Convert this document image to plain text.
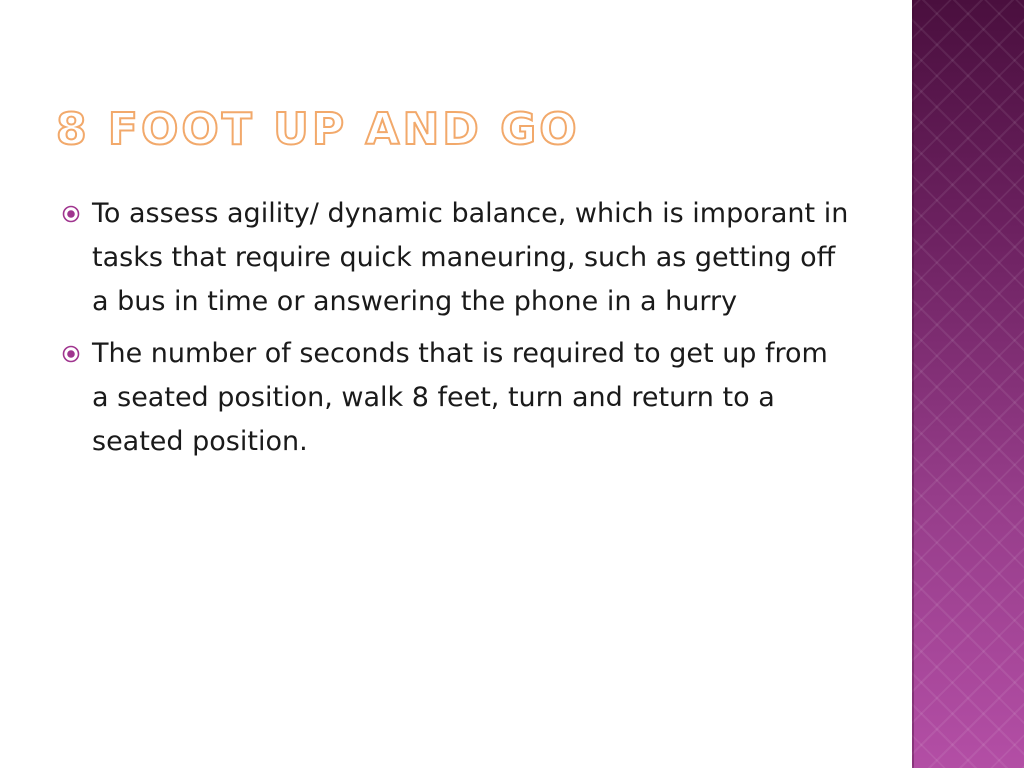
8 FOOT UP AND GO
To assess agility/ dynamic balance, which is imporant in tasks that require quick maneuring, such as getting off a bus in time or answering the phone in a hurry
The number of seconds that is required to get up from a seated position, walk 8 feet, turn and return to a seated position.
